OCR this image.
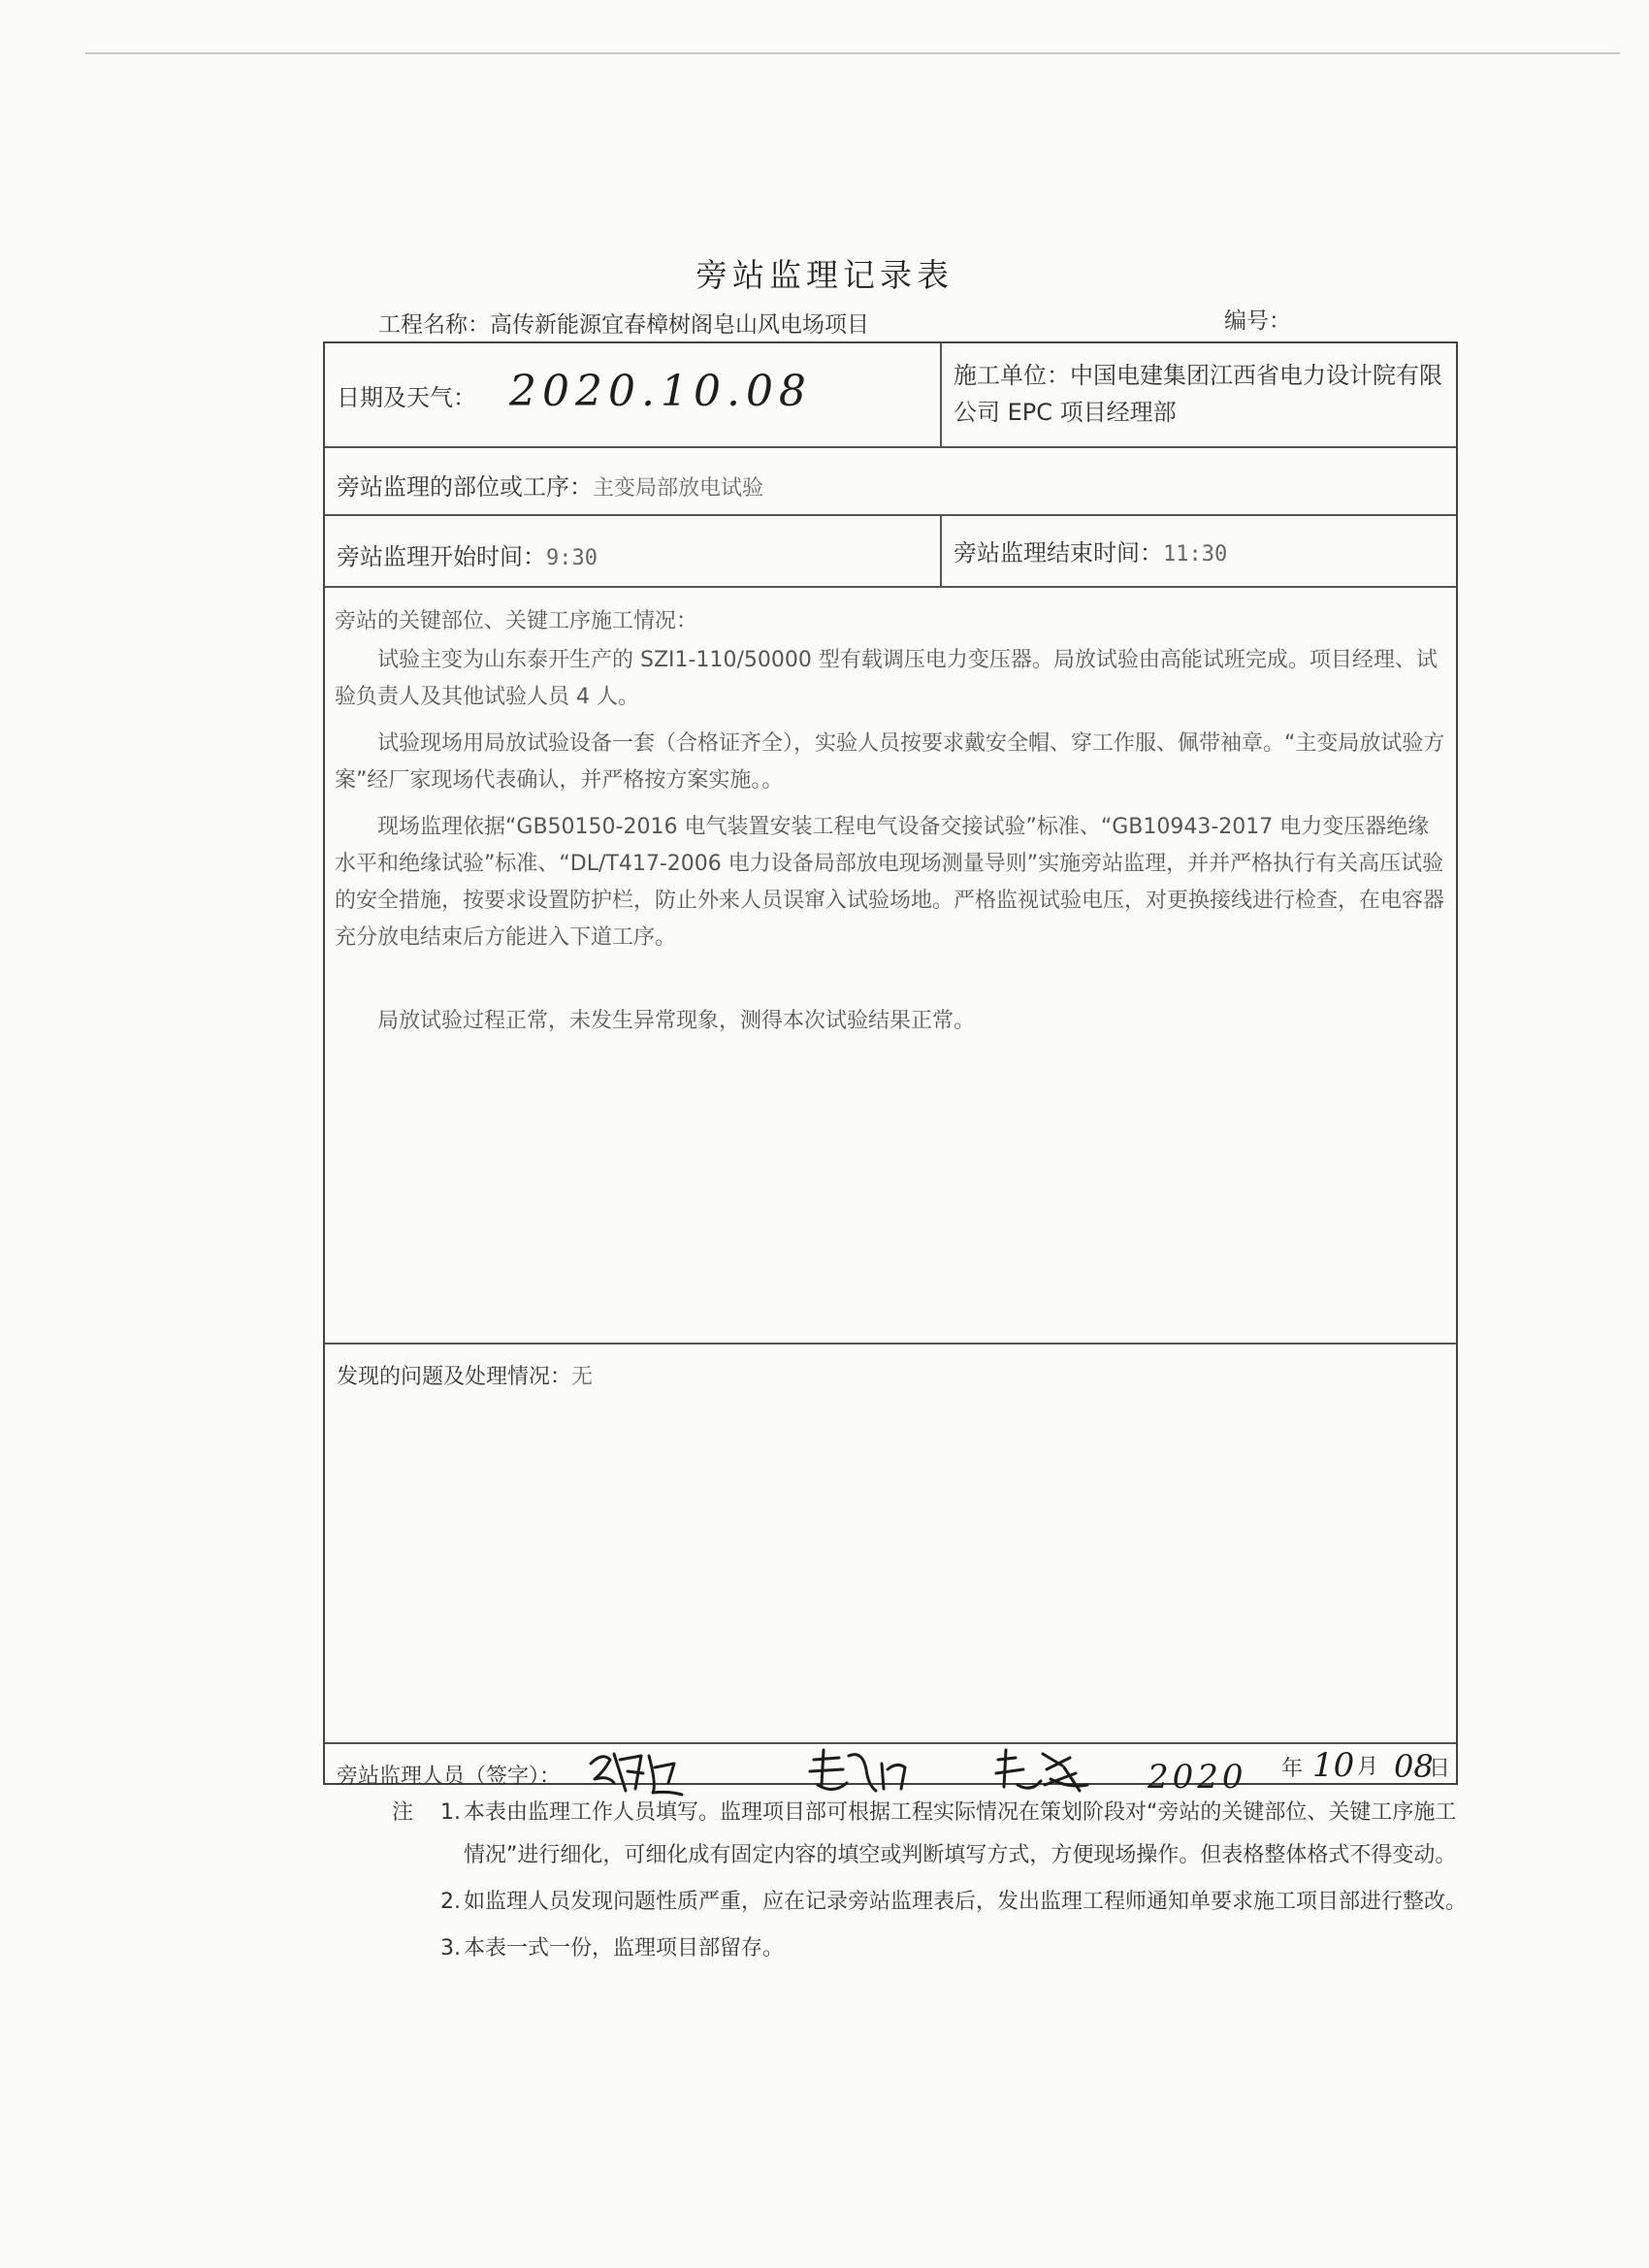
旁站监理记录表
工程名称：高传新能源宜春樟树阁皂山风电场项目	编号：
日期及天气： 2020.10.08	施工单位：中国电建集团江西省电力设计院有限公司 EPC 项目经理部
旁站监理的部位或工序：主变局部放电试验
旁站监理开始时间：9:30	旁站监理结束时间：11:30
旁站的关键部位、关键工序施工情况：
试验主变为山东泰开生产的 SZI1-110/50000 型有载调压电力变压器。局放试验由高能试班完成。项目经理、试验负责人及其他试验人员 4 人。
试验现场用局放试验设备一套（合格证齐全），实验人员按要求戴安全帽、穿工作服、佩带袖章。“主变局放试验方案”经厂家现场代表确认，并严格按方案实施。。
现场监理依据“GB50150-2016 电气装置安装工程电气设备交接试验”标准、“GB10943-2017 电力变压器绝缘水平和绝缘试验”标准、“DL/T417-2006 电力设备局部放电现场测量导则”实施旁站监理，并并严格执行有关高压试验的安全措施，按要求设置防护栏，防止外来人员误窜入试验场地。严格监视试验电压，对更换接线进行检查，在电容器充分放电结束后方能进入下道工序。
局放试验过程正常，未发生异常现象，测得本次试验结果正常。
发现的问题及处理情况：无
旁站监理人员（签字）：	2020 年 10 月 08
日
注 1. 本表由监理工作人员填写。监理项目部可根据工程实际情况在策划阶段对“旁站的关键部位、关键工序施工情况”进行细化，可细化成有固定内容的填空或判断填写方式，方便现场操作。但表格整体格式不得变动。
2. 如监理人员发现问题性质严重，应在记录旁站监理表后，发出监理工程师通知单要求施工项目部进行整改。
3. 本表一式一份，监理项目部留存。
